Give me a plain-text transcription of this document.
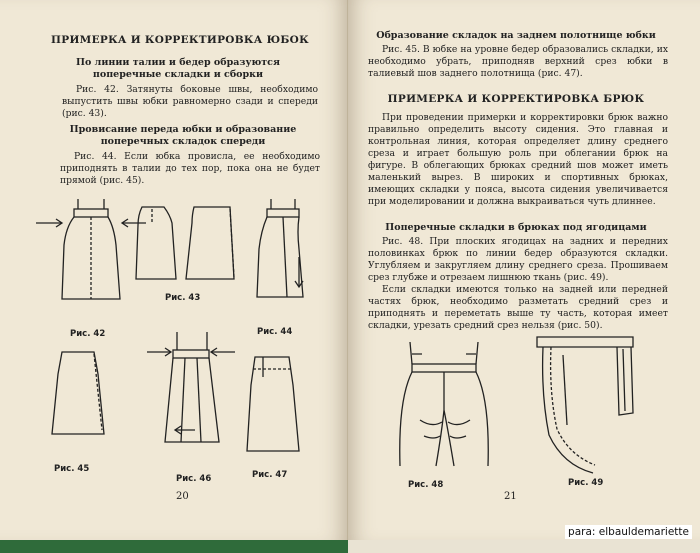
ПРИМЕРКА И КОРРЕКТИРОВКА ЮБОК
По линии талии и бедер образуются поперечные складки и сборки
Рис. 42. Затянуты боковые швы, необходимо выпустить швы юбки равномерно сзади и спереди (рис. 43).
Провисание переда юбки и образование поперечных складок спереди
Рис. 44. Если юбка провисла, ее необходимо приподнять в талии до тех пор, пока она не будет прямой (рис. 45).
Рис. 42
Рис. 43
Рис. 44
Рис. 45
Рис. 46	Рис. 47
20
Образование складок на заднем полотнище юбки
Рис. 45. В юбке на уровне бедер образовались складки, их необходимо убрать, приподняв верхний срез юбки в талиевый шов заднего полотнища (рис. 47).
ПРИМЕРКА И КОРРЕКТИРОВКА БРЮК
При проведении примерки и корректировки брюк важно правильно определить высоту сидения. Это главная и контрольная линия, которая определяет длину среднего среза и играет большую роль при облегании брюк на фигуре. В облегающих брюках средний шов может иметь маленький вырез. В широких и спортивных брюках, имеющих складки у пояса, высота сидения увеличивается при моделировании и должна выкраиваться чуть длиннее.
Поперечные складки в брюках под ягодицами
Рис. 48. При плоских ягодицах на задних и передних половинках брюк по линии бедер образуются складки. Углубляем и закругляем длину среднего среза. Прошиваем срез глубже и отрезаем лишнюю ткань (рис. 49).
Если складки имеются только на задней или передней частях брюк, необходимо разметать средний срез и приподнять и переметать выше ту часть, которая имеет складки, урезать средний срез нельзя (рис. 50).
Рис. 48	Рис. 49
21
para: elbauldemariette
